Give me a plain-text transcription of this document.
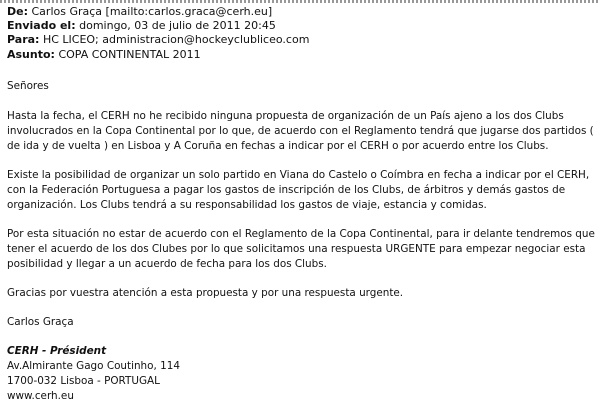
De: Carlos Graça [mailto:carlos.graca@cerh.eu]
Enviado el: domingo, 03 de julio de 2011 20:45
Para: HC LICEO; administracion@hockeyclubliceo.com
Asunto: COPA CONTINENTAL 2011

Señores

Hasta la fecha, el CERH no he recibido ninguna propuesta de organización de un País ajeno a los dos Clubs involucrados en la Copa Continental por lo que, de acuerdo con el Reglamento tendrá que jugarse dos partidos ( de ida y de vuelta ) en Lisboa y A Coruña en fechas a indicar por el CERH o por acuerdo entre los Clubs.

Existe la posibilidad de organizar un solo partido en Viana do Castelo o Coímbra en fecha a indicar por el CERH, con la Federación Portuguesa a pagar los gastos de inscripción de los Clubs, de árbitros y demás gastos de organización. Los Clubs tendrá a su responsabilidad los gastos de viaje, estancia y comidas.

Por esta situación no estar de acuerdo con el Reglamento de la Copa Continental, para ir delante tendremos que tener el acuerdo de los dos Clubes por lo que solicitamos una respuesta URGENTE para empezar negociar esta posibilidad y llegar a un acuerdo de fecha para los dos Clubs.

Gracias por vuestra atención a esta propuesta y por una respuesta urgente.

Carlos Graça

CERH - Président

Av.Almirante Gago Coutinho, 114

1700-032 Lisboa - PORTUGAL

www.cerh.eu
